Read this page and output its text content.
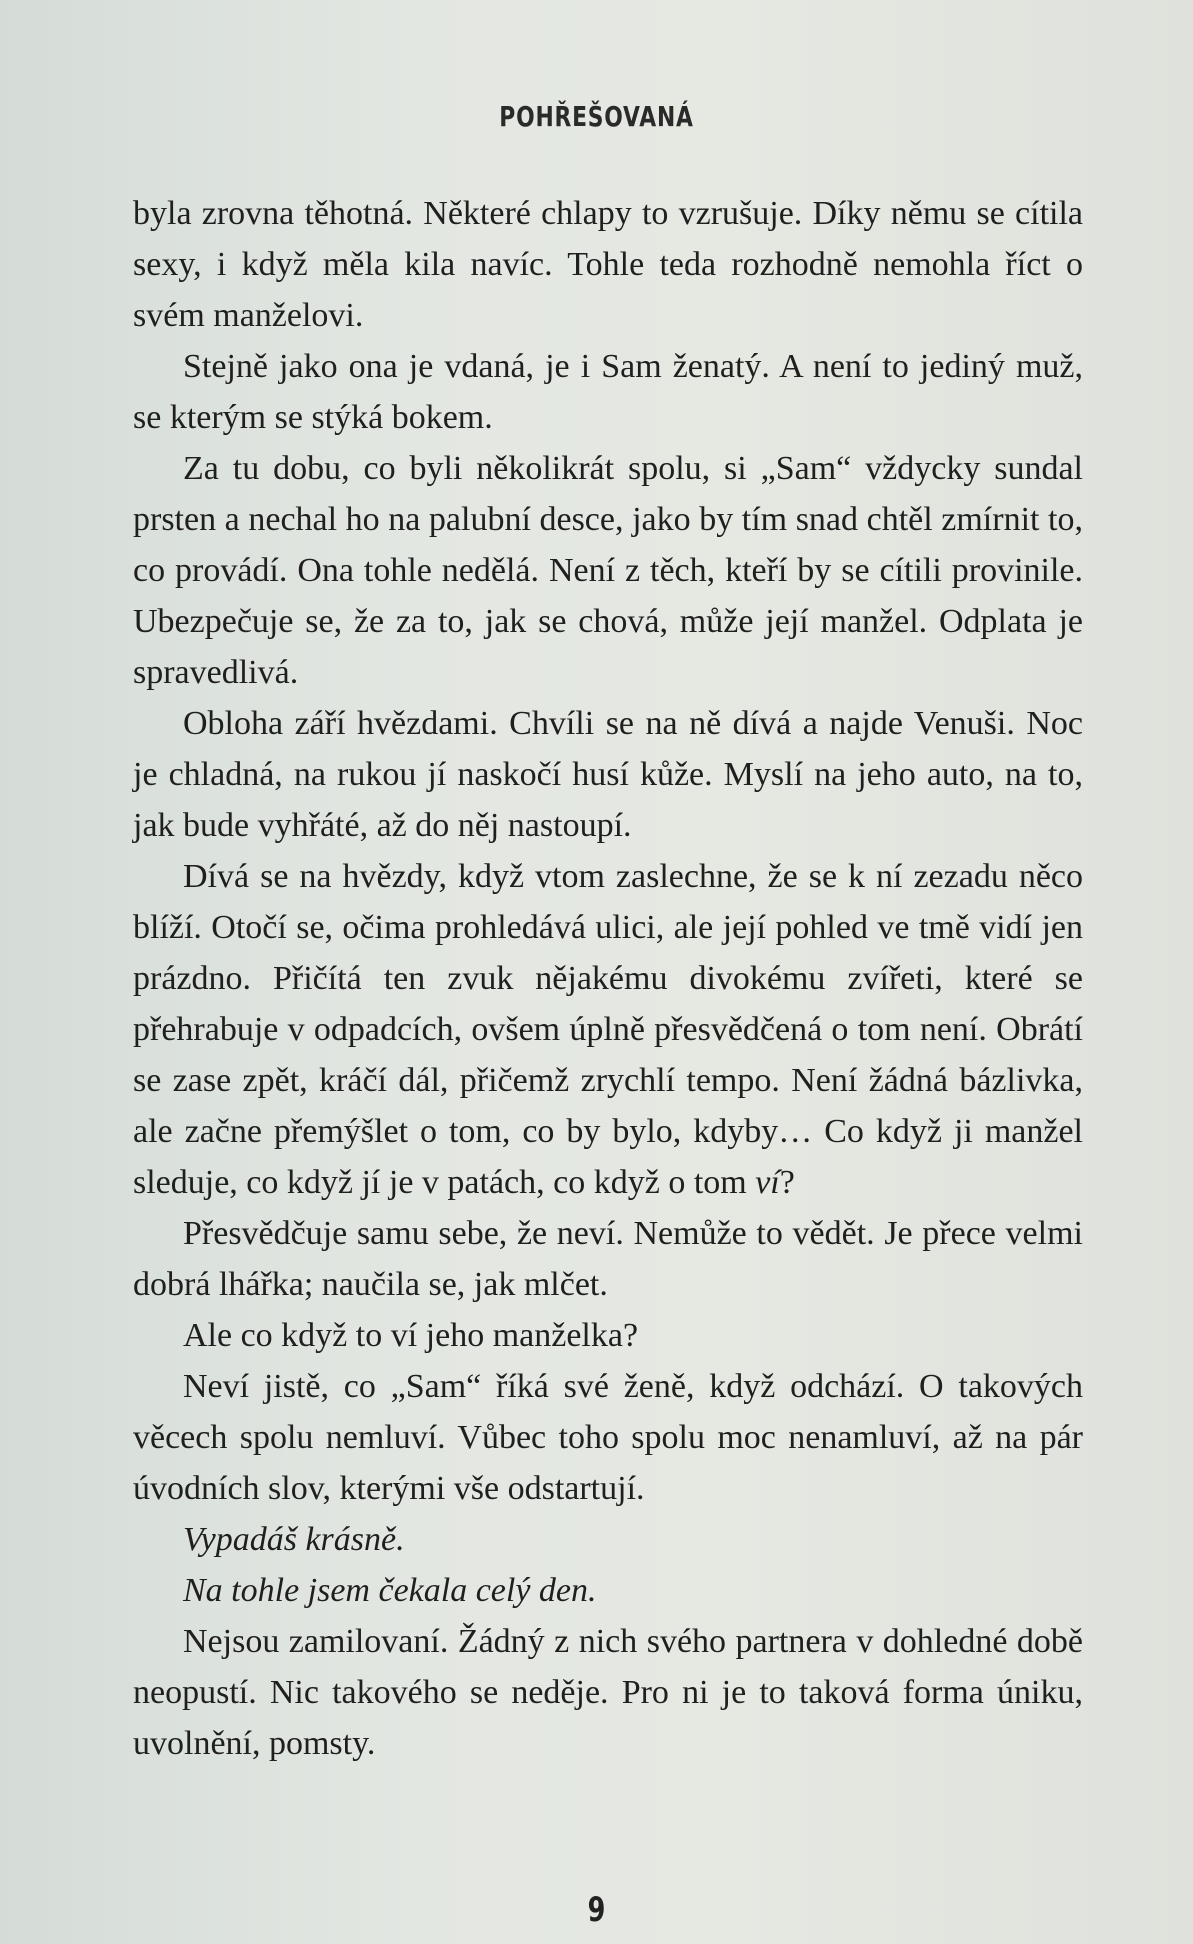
POHŘEŠOVANÁ

byla zrovna těhotná. Některé chlapy to vzrušuje. Díky němu se cítila sexy, i když měla kila navíc. Tohle teda rozhodně nemohla říct o svém manželovi.

Stejně jako ona je vdaná, je i Sam ženatý. A není to jediný muž, se kterým se stýká bokem.

Za tu dobu, co byli několikrát spolu, si „Sam“ vždycky sundal prsten a nechal ho na palubní desce, jako by tím snad chtěl zmírnit to, co provádí. Ona tohle nedělá. Není z těch, kteří by se cítili provinile. Ubezpečuje se, že za to, jak se chová, může její manžel. Odplata je spravedlivá.

Obloha září hvězdami. Chvíli se na ně dívá a najde Venuši. Noc je chladná, na rukou jí naskočí husí kůže. Myslí na jeho auto, na to, jak bude vyhřáté, až do něj nastoupí.

Dívá se na hvězdy, když vtom zaslechne, že se k ní zezadu něco blíží. Otočí se, očima prohledává ulici, ale její pohled ve tmě vidí jen prázdno. Přičítá ten zvuk nějakému divokému zvířeti, které se přehrabuje v odpadcích, ovšem úplně přesvědčená o tom není. Obrátí se zase zpět, kráčí dál, přičemž zrychlí tempo. Není žádná bázlivka, ale začne přemýšlet o tom, co by bylo, kdyby… Co když ji manžel sleduje, co když jí je v patách, co když o tom ví?

Přesvědčuje samu sebe, že neví. Nemůže to vědět. Je přece velmi dobrá lhářka; naučila se, jak mlčet.

Ale co když to ví jeho manželka?

Neví jistě, co „Sam“ říká své ženě, když odchází. O takových věcech spolu nemluví. Vůbec toho spolu moc nenamluví, až na pár úvodních slov, kterými vše odstartují.

Vypadáš krásně.

Na tohle jsem čekala celý den.

Nejsou zamilovaní. Žádný z nich svého partnera v dohledné době neopustí. Nic takového se neděje. Pro ni je to taková forma úniku, uvolnění, pomsty.

9
